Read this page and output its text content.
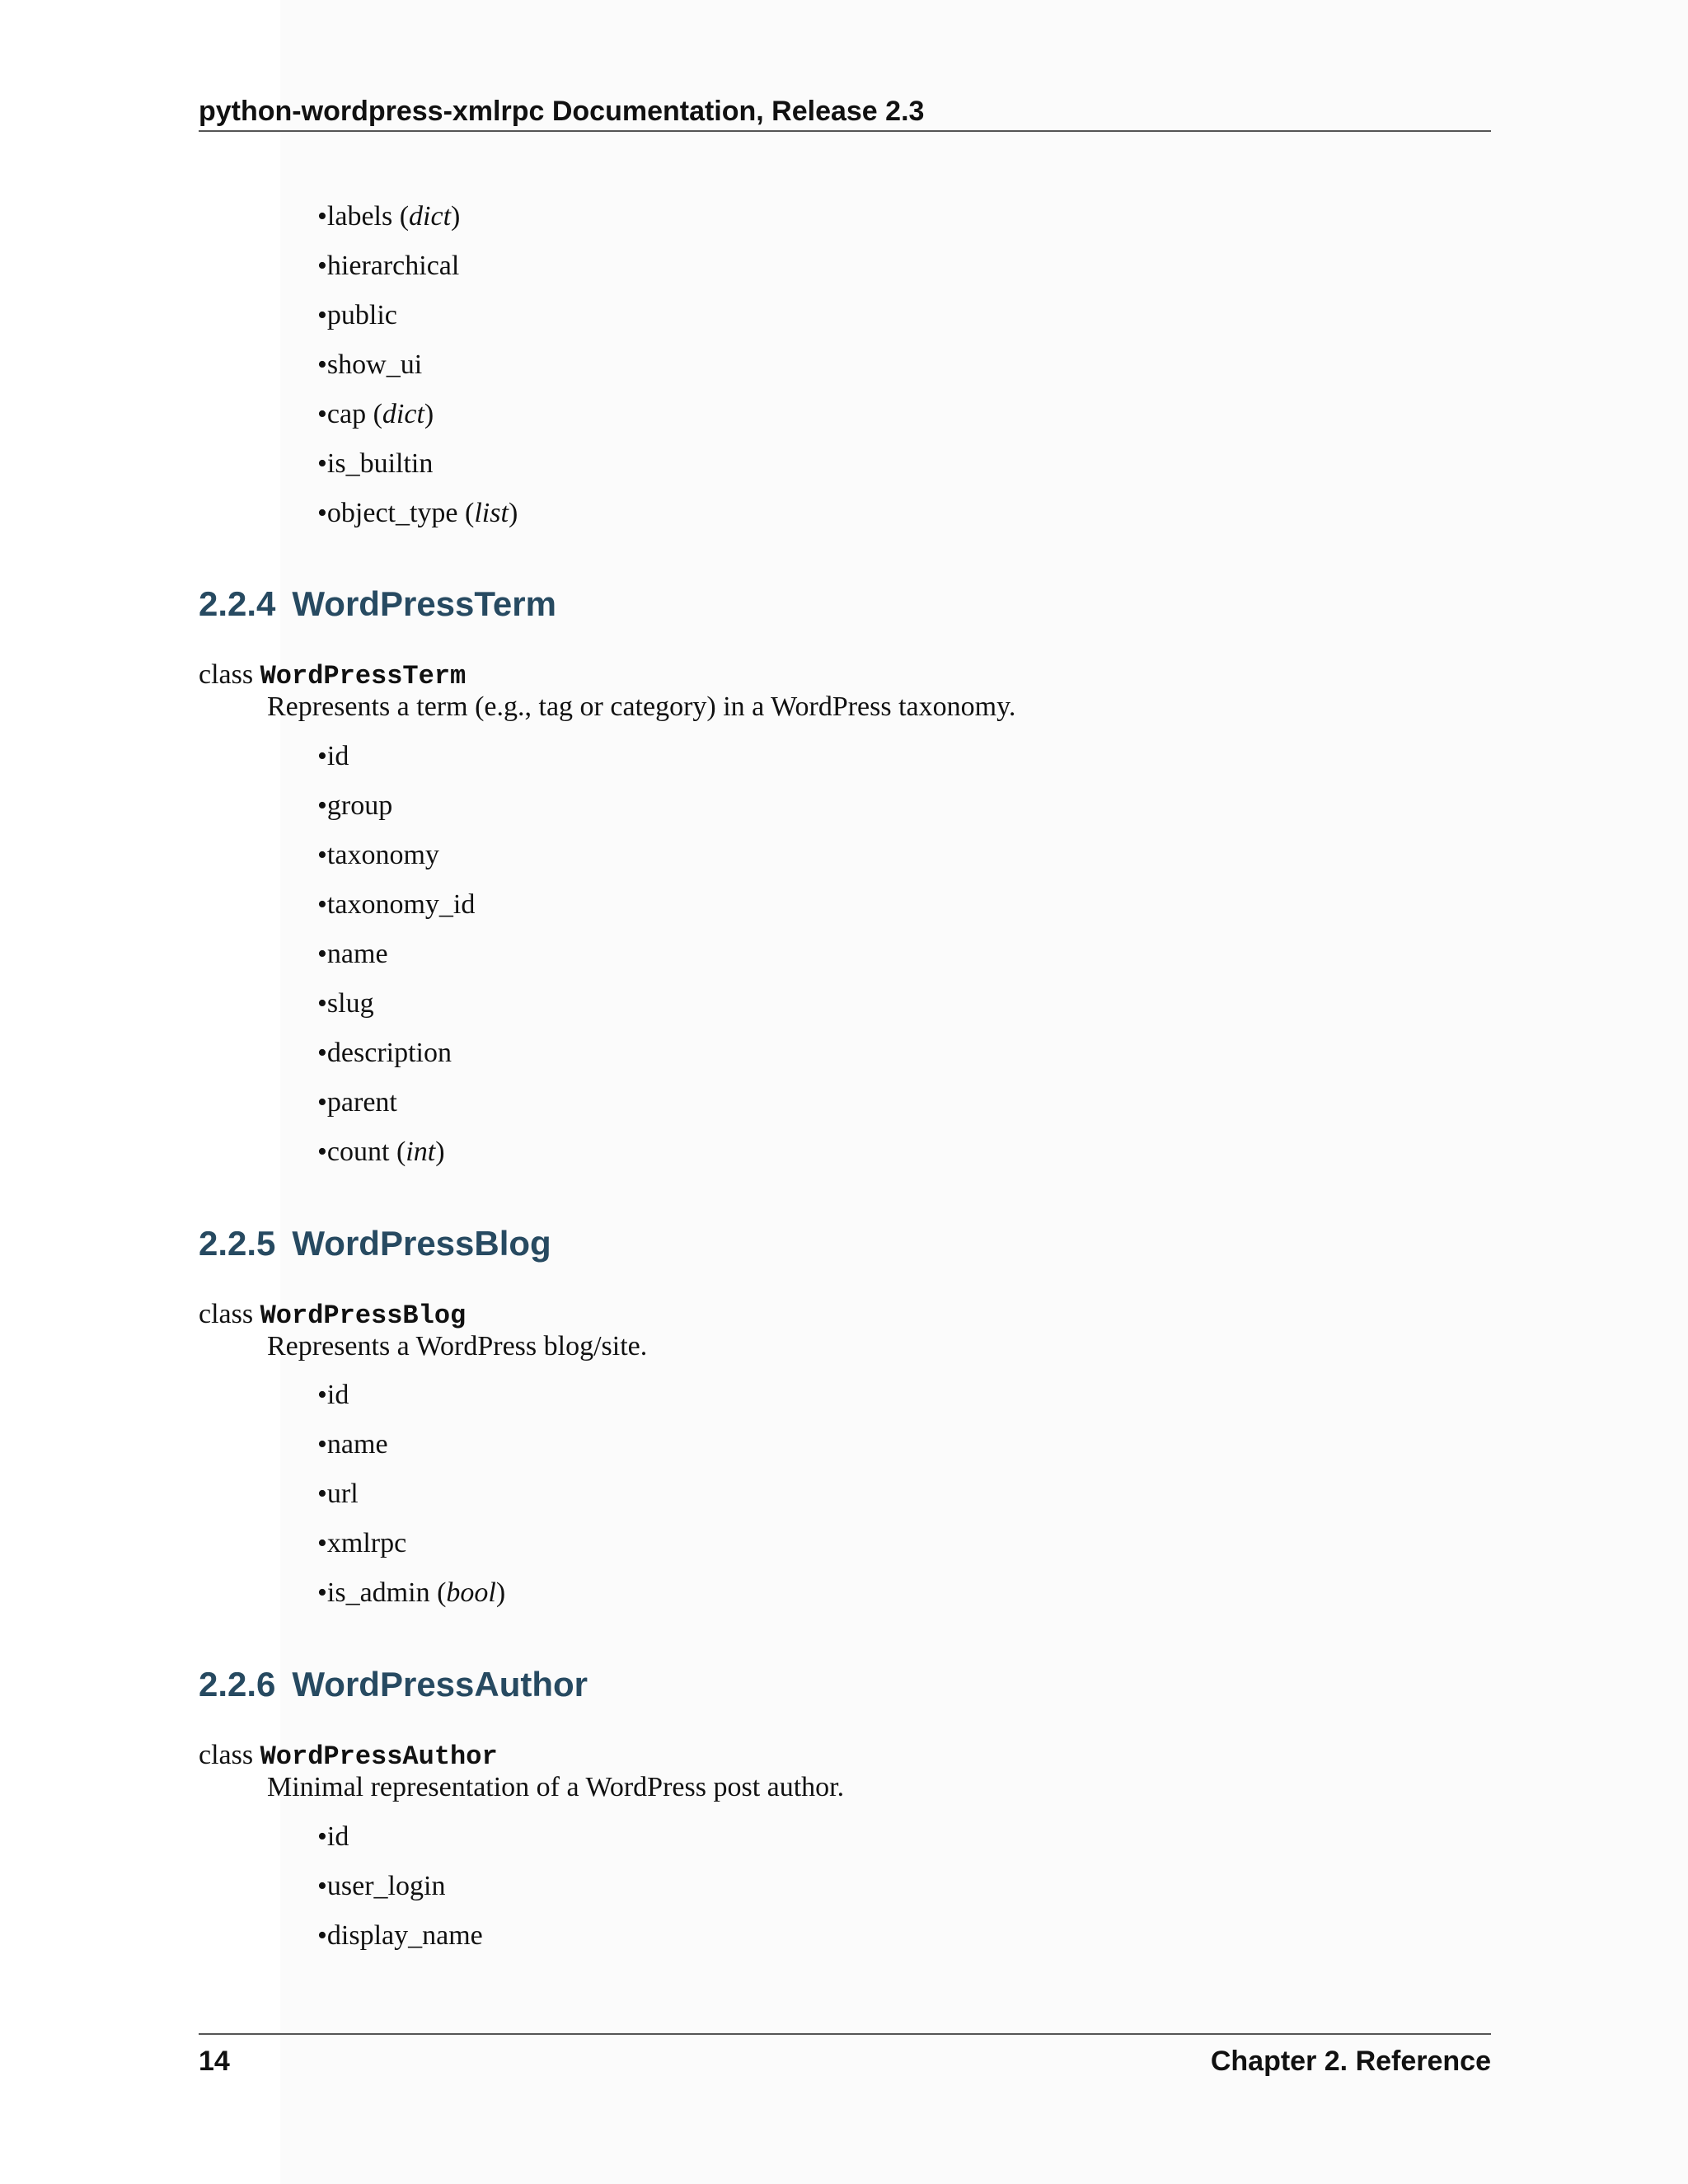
python-wordpress-xmlrpc Documentation, Release 2.3
• labels (dict)
• hierarchical
• public
• show_ui
• cap (dict)
• is_builtin
• object_type (list)
2.2.4 WordPressTerm
class WordPressTerm
Represents a term (e.g., tag or category) in a WordPress taxonomy.
• id
• group
• taxonomy
• taxonomy_id
• name
• slug
• description
• parent
• count (int)
2.2.5 WordPressBlog
class WordPressBlog
Represents a WordPress blog/site.
• id
• name
• url
• xmlrpc
• is_admin (bool)
2.2.6 WordPressAuthor
class WordPressAuthor
Minimal representation of a WordPress post author.
• id
• user_login
• display_name
14	Chapter 2. Reference
